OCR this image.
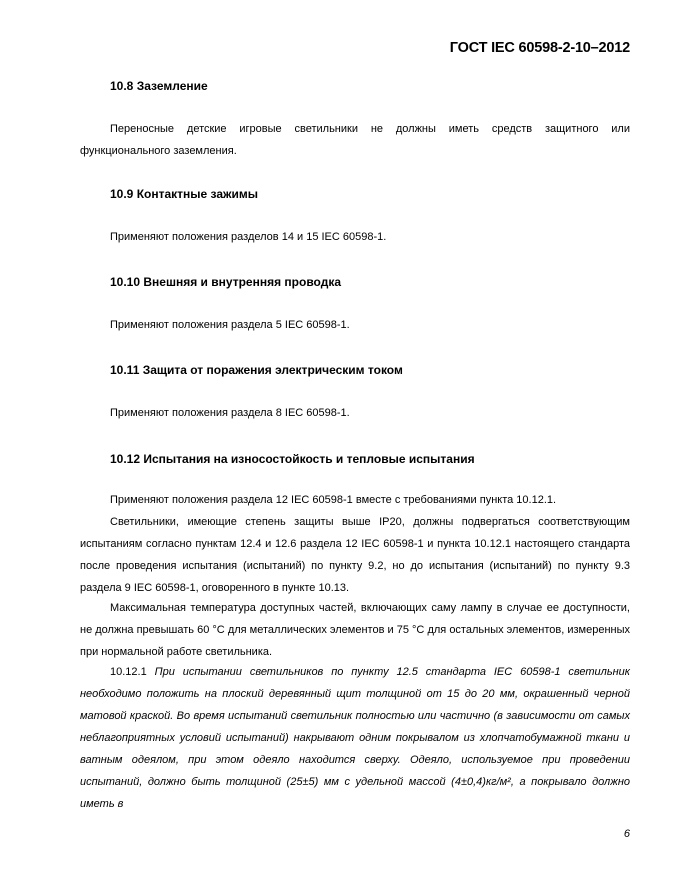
ГОСТ IEC 60598-2-10–2012
10.8 Заземление

Переносные детские игровые светильники не должны иметь средств защитного или функционального заземления.

10.9 Контактные зажимы
Применяют положения разделов 14 и 15 IEC 60598-1.
10.10 Внешняя и внутренняя проводка
Применяют положения раздела 5 IEC 60598-1.
10.11 Защита от поражения электрическим током
Применяют положения раздела 8 IEC 60598-1.
10.12 Испытания на износостойкость и тепловые испытания
Применяют положения раздела 12 IEC 60598-1 вместе с требованиями пункта 10.12.1.

Светильники, имеющие степень защиты выше IP20, должны подвергаться соответствующим испытаниям согласно пунктам 12.4 и 12.6 раздела 12 IEC 60598-1 и пункта 10.12.1 настоящего стандарта после проведения испытания (испытаний) по пункту 9.2, но до испытания (испытаний) по пункту 9.3 раздела 9 IEC 60598-1, оговоренного в пункте 10.13.

Максимальная температура доступных частей, включающих саму лампу в случае ее доступности, не должна превышать 60 °С для металлических элементов и 75 °С для остальных элементов, измеренных при нормальной работе светильника.

10.12.1 При испытании светильников по пункту 12.5 стандарта IEC 60598-1 светильник необходимо положить на плоский деревянный щит толщиной от 15 до 20 мм, окрашенный черной матовой краской. Во время испытаний светильник полностью или частично (в зависимости от самых неблагоприятных условий испытаний) накрывают одним покрывалом из хлопчатобумажной ткани и ватным одеялом, при этом одеяло находится сверху. Одеяло, используемое при проведении испытаний, должно быть толщиной (25±5) мм с удельной массой (4±0,4)кг/м², а покрывало должно иметь в

6
